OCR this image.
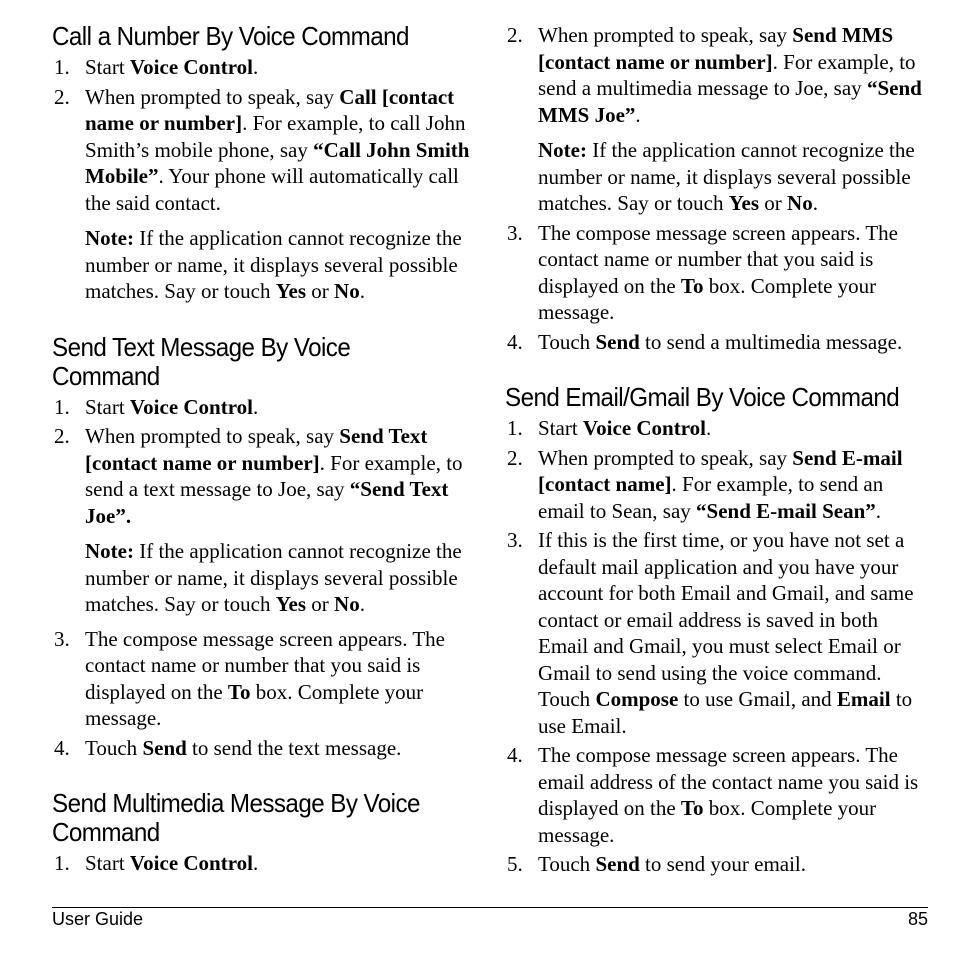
Call a Number By Voice Command
1. Start Voice Control.

2. When prompted to speak, say Call [contact name or number]. For example, to call John Smith’s mobile phone, say “Call John Smith Mobile”. Your phone will automatically call the said contact.

Note: If the application cannot recognize the number or name, it displays several possible matches. Say or touch Yes or No.

Send Text Message By Voice Command
1. Start Voice Control.

2. When prompted to speak, say Send Text [contact name or number]. For example, to send a text message to Joe, say “Send Text Joe”.

Note: If the application cannot recognize the number or name, it displays several possible matches. Say or touch Yes or No.

3. The compose message screen appears. The contact name or number that you said is displayed on the To box. Complete your message.

4. Touch Send to send the text message.

Send Multimedia Message By Voice Command
1. Start Voice Control.

2. When prompted to speak, say Send MMS [contact name or number]. For example, to send a multimedia message to Joe, say “Send MMS Joe”.

Note: If the application cannot recognize the number or name, it displays several possible matches. Say or touch Yes or No.

3. The compose message screen appears. The contact name or number that you said is displayed on the To box. Complete your message.

4. Touch Send to send a multimedia message.

Send Email/Gmail By Voice Command
1. Start Voice Control.

2. When prompted to speak, say Send E-mail [contact name]. For example, to send an email to Sean, say “Send E-mail Sean”.

3. If this is the first time, or you have not set a default mail application and you have your account for both Email and Gmail, and same contact or email address is saved in both Email and Gmail, you must select Email or Gmail to send using the voice command. Touch Compose to use Gmail, and Email to use Email.

4. The compose message screen appears. The email address of the contact name you said is displayed on the To box. Complete your message.

5. Touch Send to send your email.

User Guide	85
